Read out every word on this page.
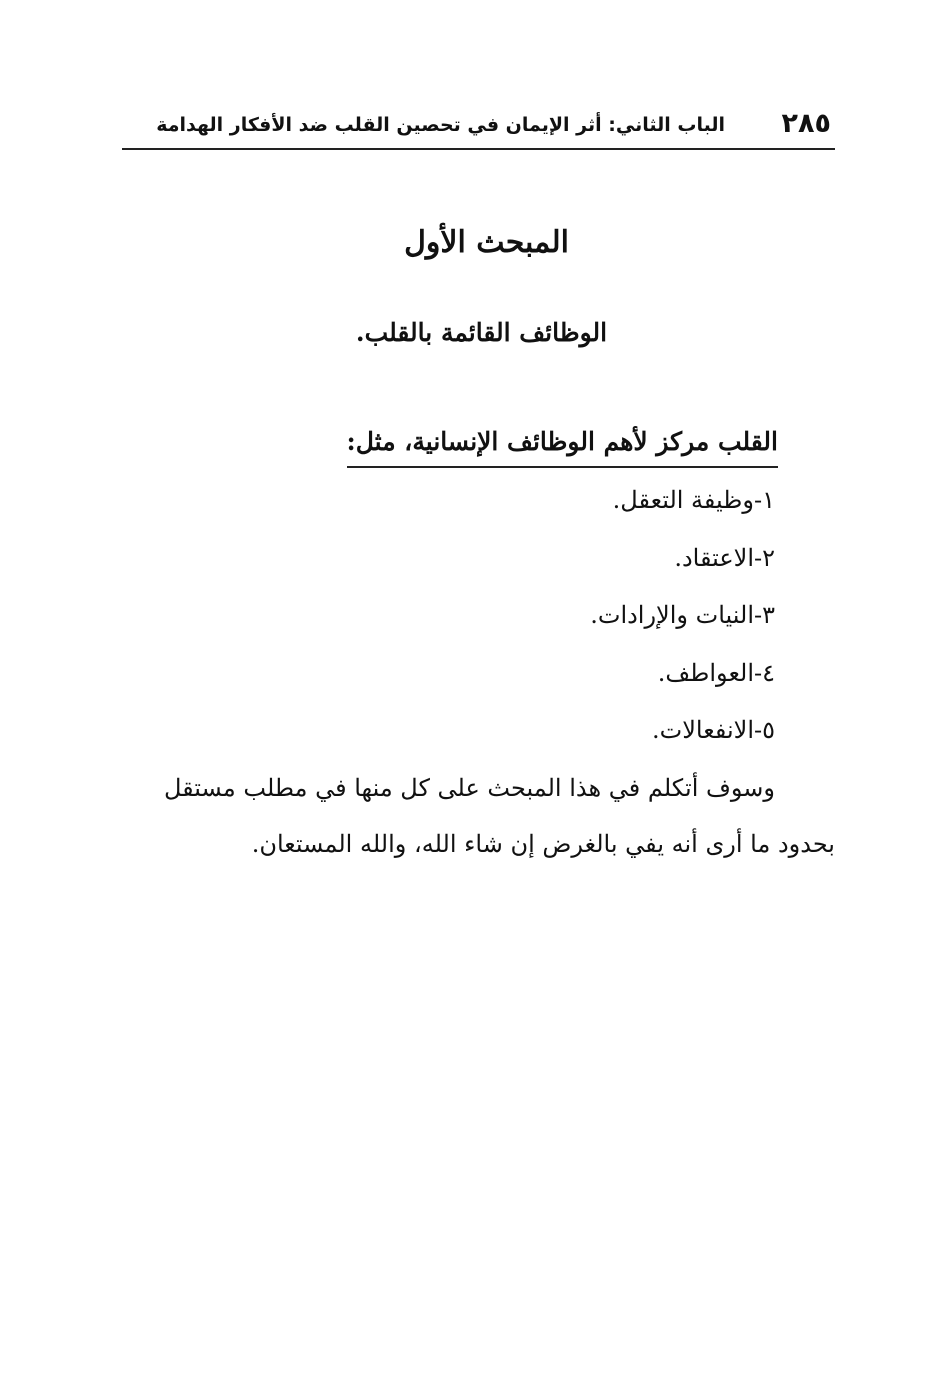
٢٨٥
الباب الثاني: أثر الإيمان في تحصين القلب ضد الأفكار الهدامة
المبحث الأول
الوظائف القائمة بالقلب.
القلب مركز لأهم الوظائف الإنسانية، مثل:
١-وظيفة التعقل.
٢-الاعتقاد.
٣-النيات والإرادات.
٤-العواطف.
٥-الانفعالات.

وسوف أتكلم في هذا المبحث على كل منها في مطلب مستقل
بحدود ما أرى أنه يفي بالغرض إن شاء الله، والله المستعان.
